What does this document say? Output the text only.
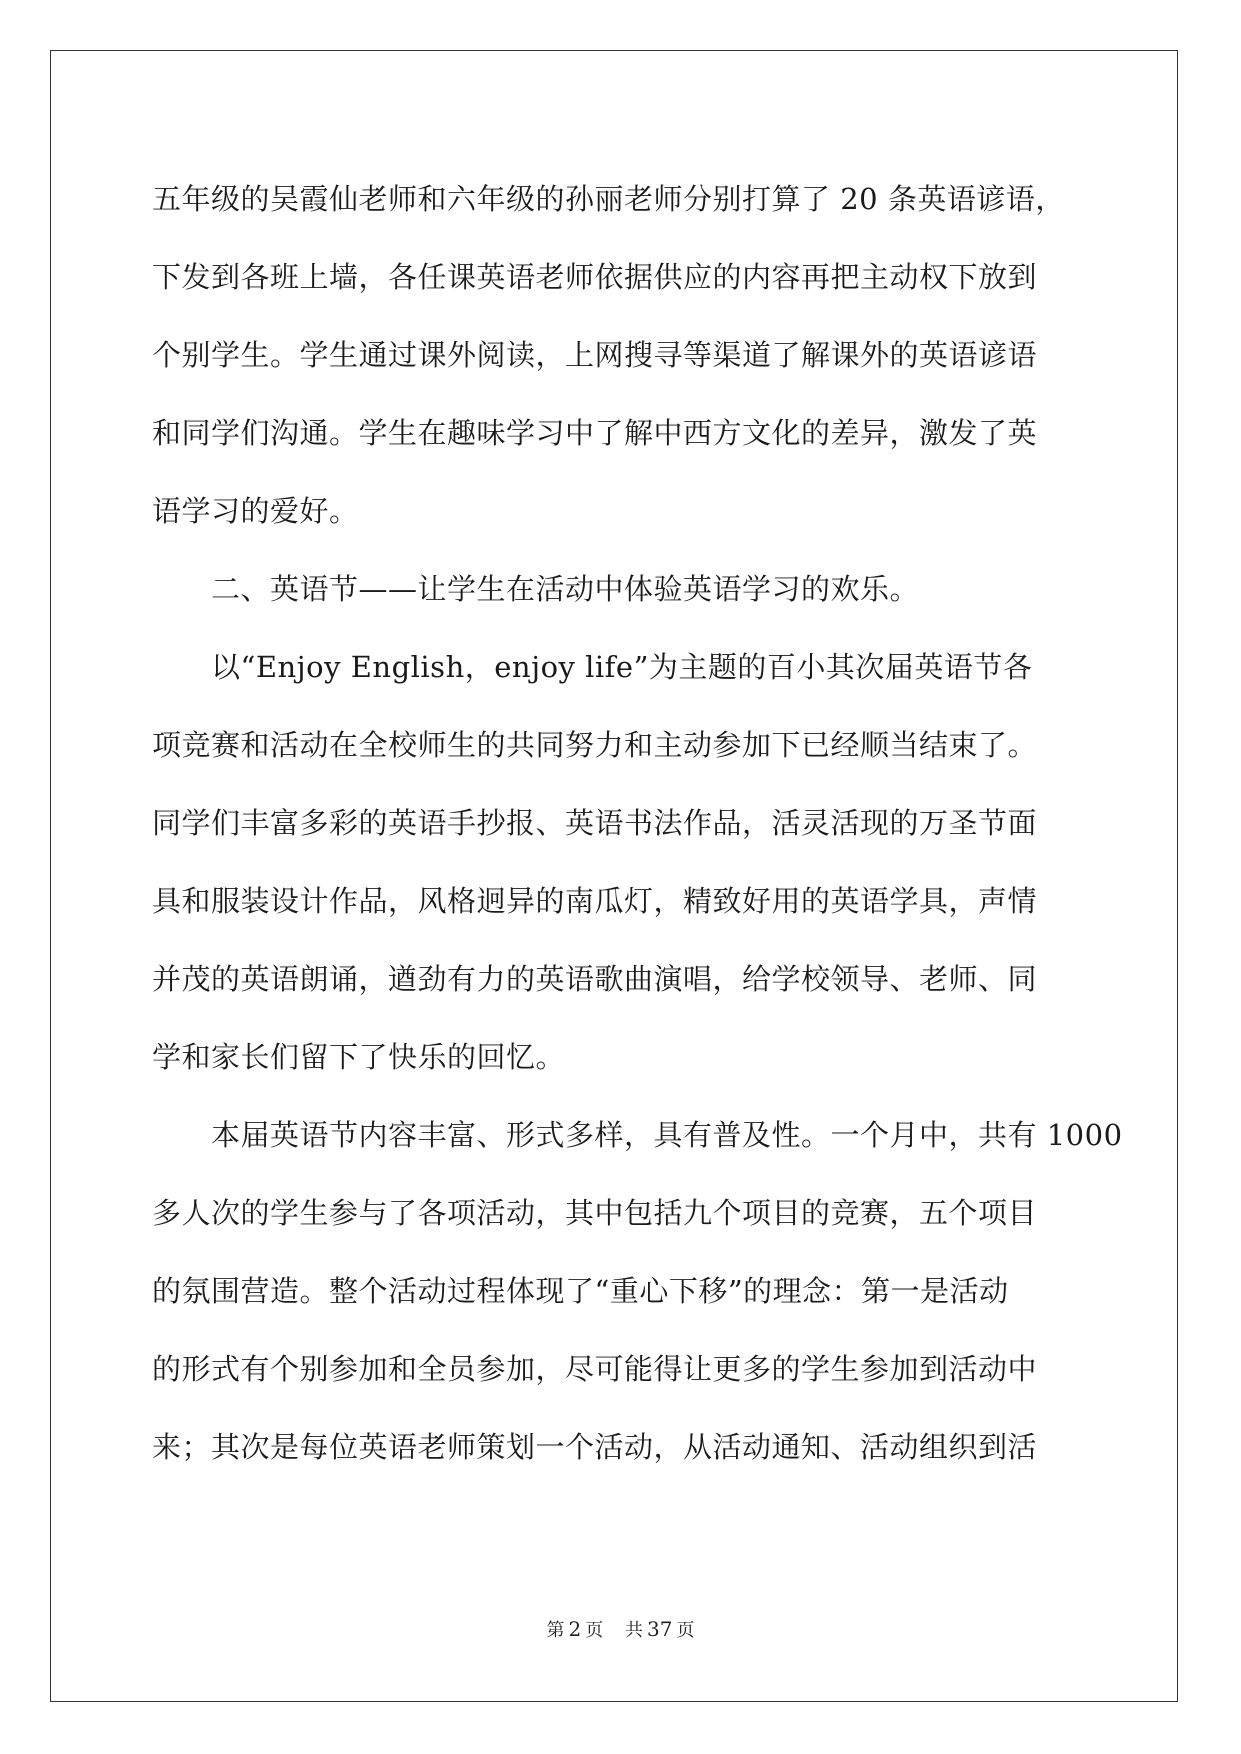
五年级的吴霞仙老师和六年级的孙丽老师分别打算了 20 条英语谚语，
下发到各班上墙，各任课英语老师依据供应的内容再把主动权下放到
个别学生。学生通过课外阅读，上网搜寻等渠道了解课外的英语谚语
和同学们沟通。学生在趣味学习中了解中西方文化的差异，激发了英
语学习的爱好。
　　二、英语节——让学生在活动中体验英语学习的欢乐。
　　以“Enjoy English，enjoy life”为主题的百小其次届英语节各
项竞赛和活动在全校师生的共同努力和主动参加下已经顺当结束了。
同学们丰富多彩的英语手抄报、英语书法作品，活灵活现的万圣节面
具和服装设计作品，风格迥异的南瓜灯，精致好用的英语学具，声情
并茂的英语朗诵，遒劲有力的英语歌曲演唱，给学校领导、老师、同
学和家长们留下了快乐的回忆。
　　本届英语节内容丰富、形式多样，具有普及性。一个月中，共有 1000
多人次的学生参与了各项活动，其中包括九个项目的竞赛，五个项目
的氛围营造。整个活动过程体现了“重心下移”的理念：第一是活动
的形式有个别参加和全员参加，尽可能得让更多的学生参加到活动中
来；其次是每位英语老师策划一个活动，从活动通知、活动组织到活
第 2 页 共 37 页
